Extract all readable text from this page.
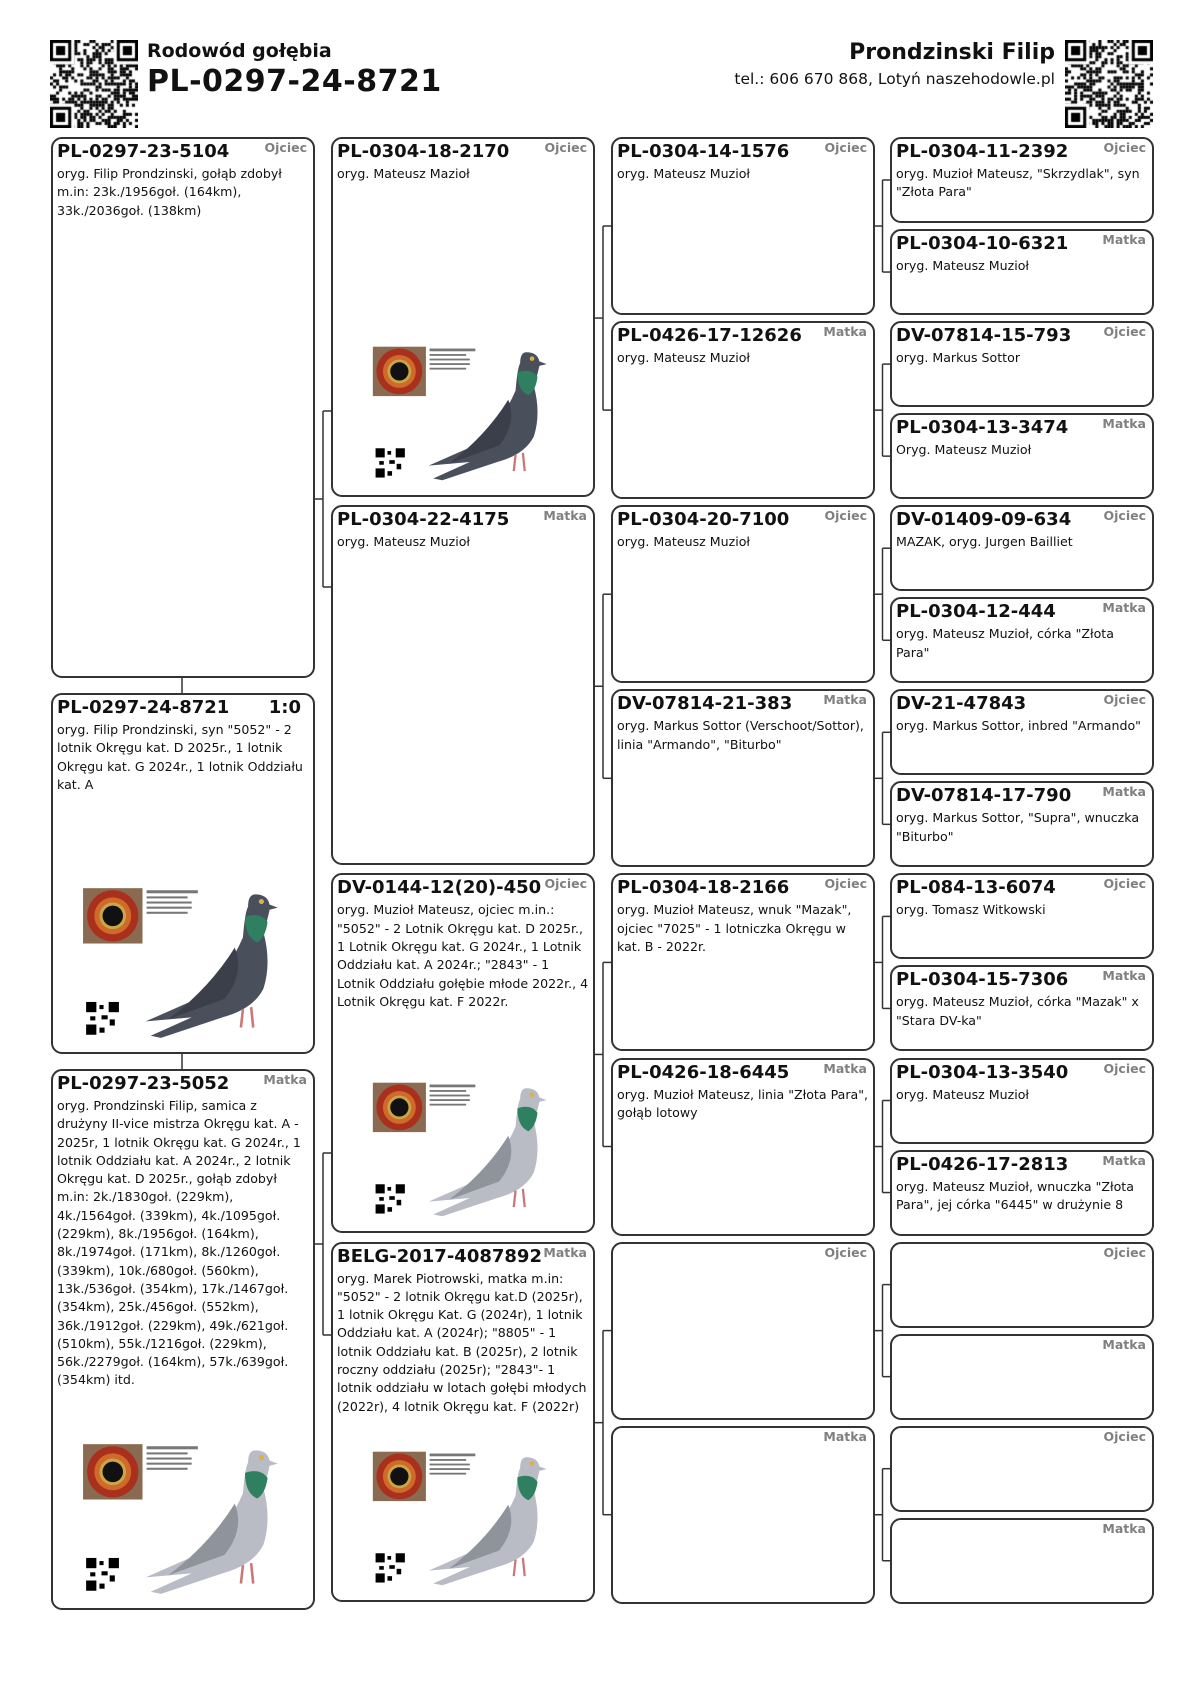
Rodowód gołębia
PL-0297-24-8721
Prondzinski Filip
tel.: 606 670 868, Lotyń naszehodowle.pl
PL-0297-23-5104	Ojciec
oryg. Filip Prondzinski, gołąb zdobył m.in: 23k./1956goł. (164km), 33k./2036goł. (138km)
PL-0297-24-8721 1:0
oryg. Filip Prondzinski, syn "5052" - 2 lotnik Okręgu kat. D 2025r., 1 lotnik Okręgu kat. G 2024r., 1 lotnik Oddziału kat. A
PL-0297-23-5052	Matka
oryg. Prondzinski Filip, samica z drużyny II-vice mistrza Okręgu kat. A - 2025r, 1 lotnik Okręgu kat. G 2024r., 1 lotnik Oddziału kat. A 2024r., 2 lotnik Okręgu kat. D 2025r., gołąb zdobył m.in: 2k./1830goł. (229km), 4k./1564goł. (339km), 4k./1095goł. (229km), 8k./1956goł. (164km), 8k./1974goł. (171km), 8k./1260goł. (339km), 10k./680goł. (560km), 13k./536goł. (354km), 17k./1467goł. (354km), 25k./456goł. (552km), 36k./1912goł. (229km), 49k./621goł. (510km), 55k./1216goł. (229km), 56k./2279goł. (164km), 57k./639goł. (354km) itd.
PL-0304-18-2170	Ojciec
oryg. Mateusz Mazioł
PL-0304-22-4175	Matka
oryg. Mateusz Muzioł
DV-0144-12(20)-450 Ojciec
oryg. Muzioł Mateusz, ojciec m.in.: "5052" - 2 Lotnik Okręgu kat. D 2025r., 1 Lotnik Okręgu kat. G 2024r., 1 Lotnik Oddziału kat. A 2024r.; "2843" - 1 Lotnik Oddziału gołębie młode 2022r., 4 Lotnik Okręgu kat. F 2022r.
BELG-2017-4087892 Matka
oryg. Marek Piotrowski, matka m.in: "5052" - 2 lotnik Okręgu kat.D (2025r), 1 lotnik Okręgu Kat. G (2024r), 1 lotnik Oddziału kat. A (2024r); "8805" - 1 lotnik Oddziału kat. B (2025r), 2 lotnik roczny oddziału (2025r); "2843"- 1 lotnik oddziału w lotach gołębi młodych (2022r), 4 lotnik Okręgu kat. F (2022r)
PL-0304-14-1576	Ojciec
oryg. Mateusz Muzioł
PL-0426-17-12626 Matka
oryg. Mateusz Muzioł
PL-0304-20-7100	Ojciec
oryg. Mateusz Muzioł
DV-07814-21-383 Matka
oryg. Markus Sottor (Verschoot/Sottor), linia "Armando", "Biturbo"
PL-0304-18-2166	Ojciec
oryg. Muzioł Mateusz, wnuk "Mazak", ojciec "7025" - 1 lotniczka Okręgu w kat. B - 2022r.
PL-0426-18-6445	Matka
oryg. Muzioł Mateusz, linia "Złota Para", gołąb lotowy
Ojciec
Matka
PL-0304-11-2392	Ojciec
oryg. Muzioł Mateusz, "Skrzydlak", syn "Złota Para"
PL-0304-10-6321	Matka
oryg. Mateusz Muzioł
DV-07814-15-793	Ojciec
oryg. Markus Sottor
PL-0304-13-3474	Matka
Oryg. Mateusz Muzioł
DV-01409-09-634	Ojciec
MAZAK, oryg. Jurgen Bailliet
PL-0304-12-444	Matka
oryg. Mateusz Muzioł, córka "Złota Para"
DV-21-47843	Ojciec
oryg. Markus Sottor, inbred "Armando"
DV-07814-17-790 Matka
oryg. Markus Sottor, "Supra", wnuczka "Biturbo"
PL-084-13-6074	Ojciec
oryg. Tomasz Witkowski
PL-0304-15-7306	Matka
oryg. Mateusz Muzioł, córka "Mazak" x "Stara DV-ka"
PL-0304-13-3540	Ojciec
oryg. Mateusz Muzioł
PL-0426-17-2813	Matka
oryg. Mateusz Muzioł, wnuczka "Złota Para", jej córka "6445" w drużynie 8
Ojciec
Matka
Ojciec
Matka
